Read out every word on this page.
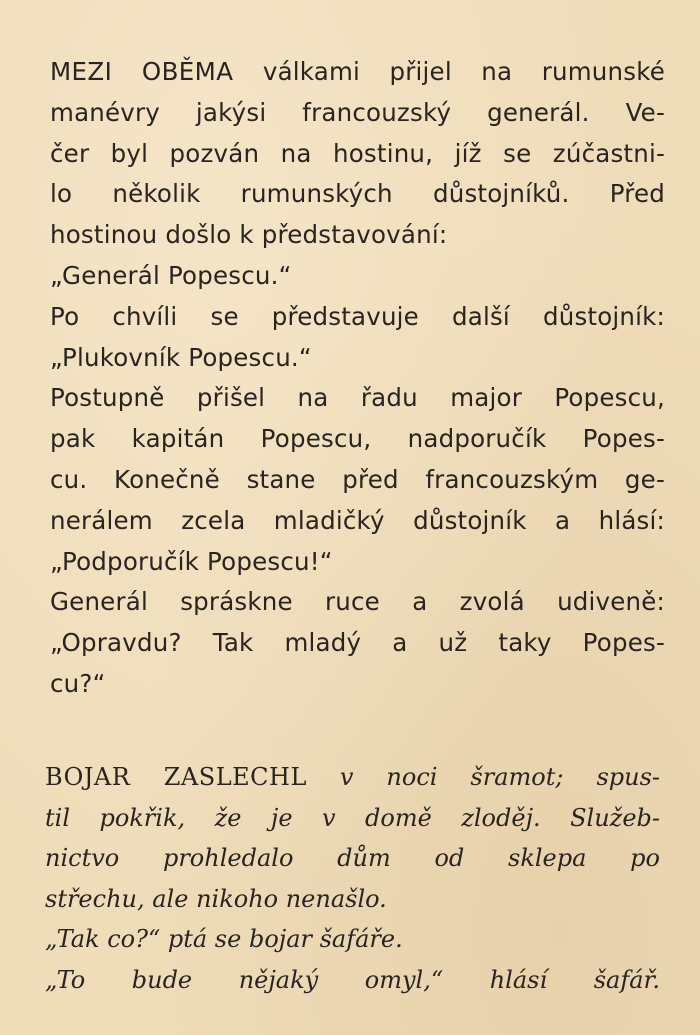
MEZI OBĚMA válkami přijel na rumunské
manévry jakýsi francouzský generál. Ve-
čer byl pozván na hostinu, jíž se zúčastni-
lo několik rumunských důstojníků. Před
hostinou došlo k představování:
„Generál Popescu.“
Po chvíli se představuje další důstojník:
„Plukovník Popescu.“
Postupně přišel na řadu major Popescu,
pak kapitán Popescu, nadporučík Popes-
cu. Konečně stane před francouzským ge-
nerálem zcela mladičký důstojník a hlásí:
„Podporučík Popescu!“
Generál spráskne ruce a zvolá udiveně:
„Opravdu? Tak mladý a už taky Popes-
cu?“
BOJAR ZASLECHL v noci šramot; spus-
til pokřik, že je v domě zloděj. Služeb-
nictvo prohledalo dům od sklepa po
střechu, ale nikoho nenašlo.
„Tak co?“ ptá se bojar šafáře.
„To bude nějaký omyl,“ hlásí šafář.
